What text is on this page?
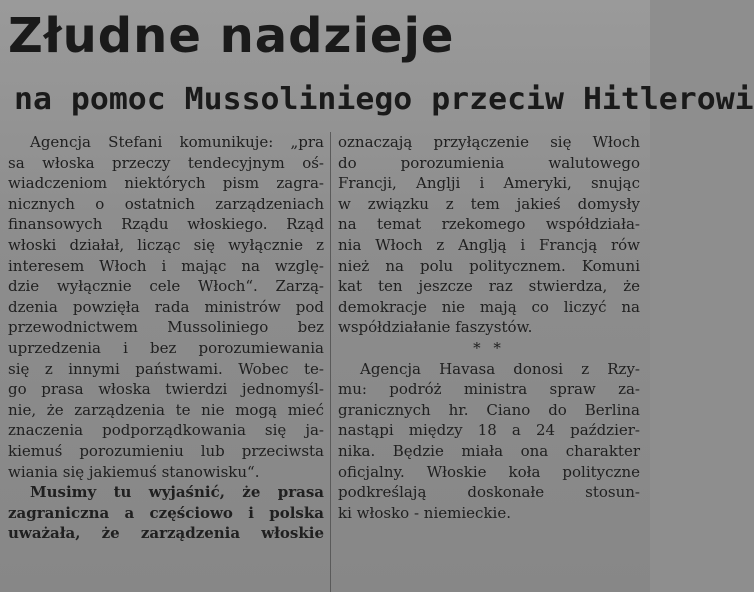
Złudne nadzieje
na pomoc Mussoliniego przeciw Hitlerowi
Agencja Stefani komunikuje: „pra
sa włoska przeczy tendecyjnym oś-
wiadczeniom niektórych pism zagra-
nicznych o ostatnich zarządzeniach
finansowych Rządu włoskiego. Rząd
włoski działał, licząc się wyłącznie z
interesem Włoch i mając na wzglę-
dzie wyłącznie cele Włoch“. Zarzą-
dzenia powzięła rada ministrów pod
przewodnictwem Mussoliniego bez
uprzedzenia i bez porozumiewania
się z innymi państwami. Wobec te-
go prasa włoska twierdzi jednomyśl-
nie, że zarządzenia te nie mogą mieć
znaczenia podporządkowania się ja-
kiemuś porozumieniu lub przeciwsta
wiania się jakiemuś stanowisku“.
Musimy tu wyjaśnić, że prasa
zagraniczna a częściowo i polska
uważała, że zarządzenia włoskie
oznaczają przyłączenie się Włoch
do porozumienia walutowego
Francji, Anglji i Ameryki, snując
w związku z tem jakieś domysły
na temat rzekomego współdziała-
nia Włoch z Anglją i Francją rów
nież na polu politycznem. Komuni
kat ten jeszcze raz stwierdza, że
demokracje nie mają co liczyć na
współdziałanie faszystów.
* *
Agencja Havasa donosi z Rzy-
mu: podróż ministra spraw za-
granicznych hr. Ciano do Berlina
nastąpi między 18 a 24 paździer-
nika. Będzie miała ona charakter
oficjalny. Włoskie koła polityczne
podkreślają doskonałe stosun-
ki włosko - niemieckie.
